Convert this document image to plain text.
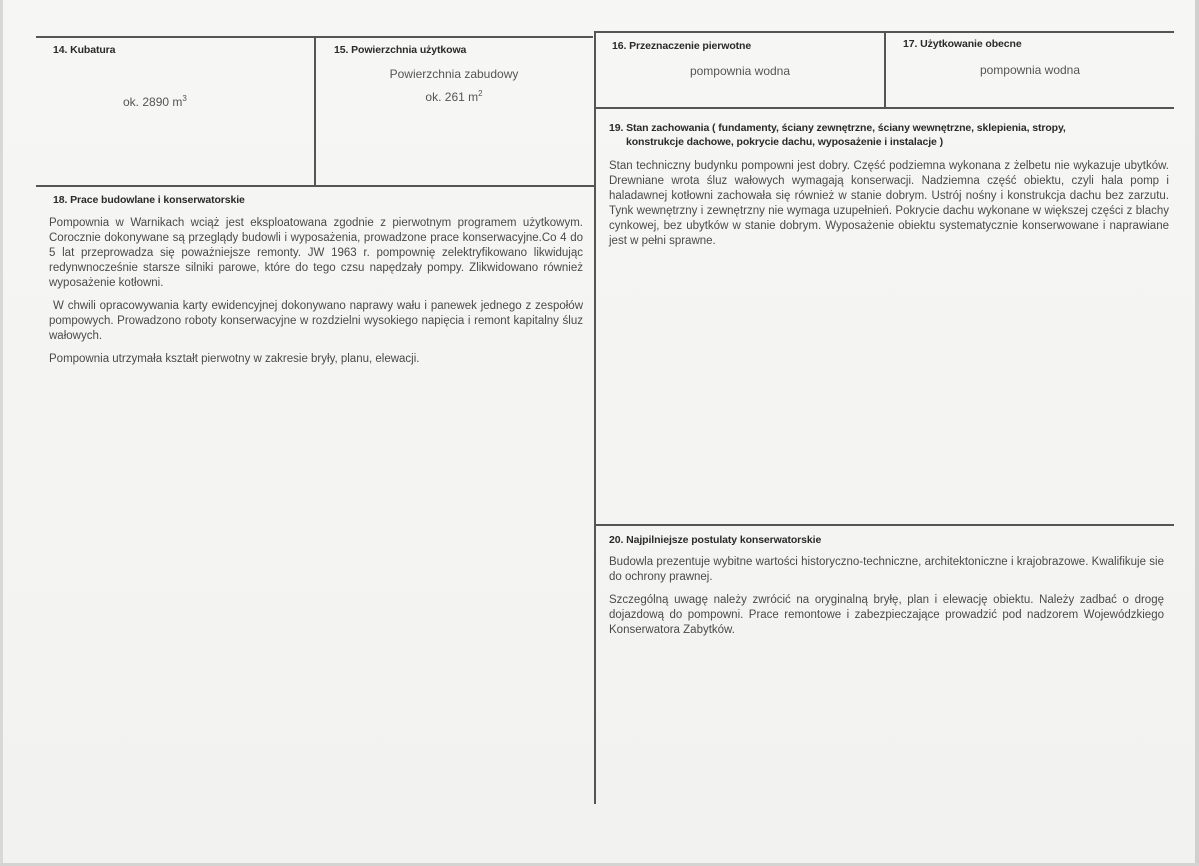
14. Kubatura
ok. 2890 $m^3$
15. Powierzchnia użytkowa
Powierzchnia zabudowy
ok. 261 $m^2$
16. Przeznaczenie pierwotne
pompownia wodna
17. Użytkowanie obecne
pompownia wodna
19. Stan zachowania ( fundamenty, ściany zewnętrzne, ściany wewnętrzne, sklepienia, stropy,
konstrukcje dachowe, pokrycie dachu, wyposażenie i instalacje )

Stan techniczny budynku pompowni jest dobry. Część podziemna wykonana z żelbetu nie wykazuje ubytków. Drewniane wrota śluz wałowych wymagają konserwacji. Nadziemna część obiektu, czyli hala pomp i haladawnej kotłowni zachowała się również w stanie dobrym. Ustrój nośny i konstrukcja dachu bez zarzutu. Tynk wewnętrzny i zewnętrzny nie wymaga uzupełnień. Pokrycie dachu wykonane w większej części z blachy cynkowej, bez ubytków w stanie dobrym. Wyposażenie obiektu systematycznie konserwowane i naprawiane jest w pełni sprawne.

18. Prace budowlane i konserwatorskie

Pompownia w Warnikach wciąż jest eksploatowana zgodnie z pierwotnym programem użytkowym. Corocznie dokonywane są przeglądy budowli i wyposażenia, prowadzone prace konserwacyjne.Co 4 do 5 lat przeprowadza się poważniejsze remonty. JW 1963 r. pompownię zelektryfikowano likwidując redynwnocześnie starsze silniki parowe, które do tego czsu napędzały pompy. Zlikwidowano również wyposażenie kotłowni.

W chwili opracowywania karty ewidencyjnej dokonywano naprawy wału i panewek jednego z zespołów pompowych. Prowadzono roboty konserwacyjne w rozdzielni wysokiego napięcia i remont kapitalny śluz wałowych.

Pompownia utrzymała kształt pierwotny w zakresie bryły, planu, elewacji.

20. Najpilniejsze postulaty konserwatorskie

Budowla prezentuje wybitne wartości historyczno-techniczne, architektoniczne i krajobrazowe. Kwalifikuje sie do ochrony prawnej.

Szczególną uwagę należy zwrócić na oryginalną bryłę, plan i elewację obiektu. Należy zadbać o drogę dojazdową do pompowni. Prace remontowe i zabezpieczające prowadzić pod nadzorem Wojewódzkiego Konserwatora Zabytków.
